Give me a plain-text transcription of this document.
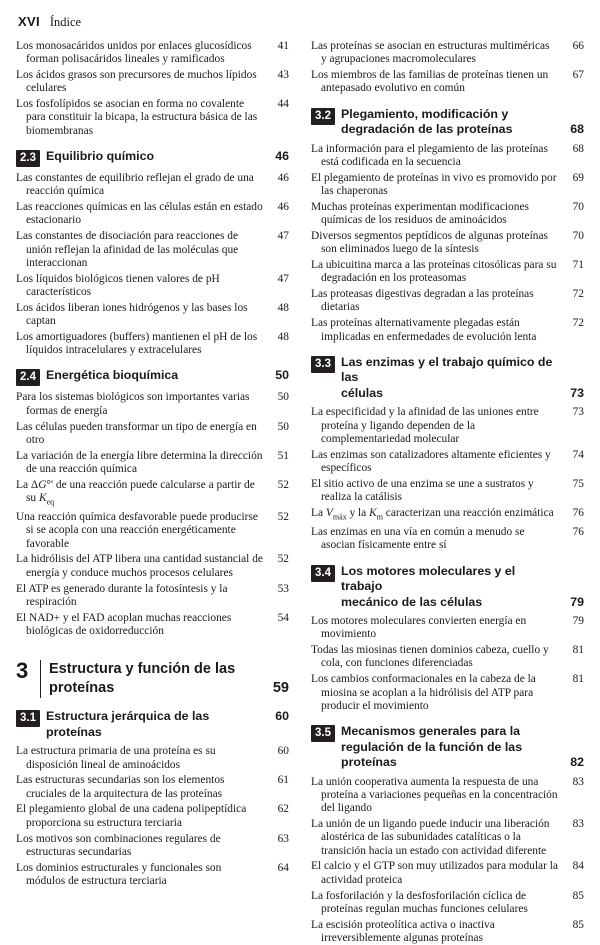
XVI Índice
Los monosacáridos unidos por enlaces glucosídicos forman polisacáridos lineales y ramificados
41
Los ácidos grasos son precursores de muchos lípidos celulares
43
Los fosfolípidos se asocian en forma no covalente para constituir la bicapa, la estructura básica de las biomembranas
44
2.3 Equilibrio químico	46
Las constantes de equilibrio reflejan el grado de una reacción química
46
Las reacciones químicas en las células están en estado estacionario
46
Las constantes de disociación para reacciones de unión reflejan la afinidad de las moléculas que interaccionan
47
Los líquidos biológicos tienen valores de pH característicos
47
Los ácidos liberan iones hidrógenos y las bases los captan
48
Los amortiguadores (buffers) mantienen el pH de los líquidos intracelulares y extracelulares
48
2.4 Energética bioquímica	50
Para los sistemas biológicos son importantes varias formas de energía
50
Las células pueden transformar un tipo de energía en otro
50
La variación de la energía libre determina la dirección de una reacción química
51
La ΔG°' de una reacción puede calcularse a partir de su $K_{eq}$
52
Una reacción química desfavorable puede producirse si se acopla con una reacción energéticamente favorable
52
La hidrólisis del ATP libera una cantidad sustancial de energía y conduce muchos procesos celulares
52
El ATP es generado durante la fotosíntesis y la respiración
53
El NAD+ y el FAD acoplan muchas reacciones biológicas de oxidorreducción
54
3 Estructura y función de las
proteínas	59
3.1 Estructura jerárquica de las proteínas
60
La estructura primaria de una proteína es su disposición lineal de aminoácidos
60
Las estructuras secundarias son los elementos cruciales de la arquitectura de las proteínas
61
El plegamiento global de una cadena polipeptídica proporciona su estructura terciaria
62
Los motivos son combinaciones regulares de estructuras secundarias
63
Los dominios estructurales y funcionales son módulos de estructura terciaria
64
Las proteínas se asocian en estructuras multiméricas y agrupaciones macromoleculares
66
Los miembros de las familias de proteínas tienen un antepasado evolutivo en común
67
3.2 Plegamiento, modificación y
degradación de las proteínas	68
La información para el plegamiento de las proteínas está codificada en la secuencia
68
El plegamiento de proteínas in vivo es promovido por las chaperonas
69
Muchas proteínas experimentan modificaciones químicas de los residuos de aminoácidos
70
Diversos segmentos peptídicos de algunas proteínas son eliminados luego de la síntesis
70
La ubicuitina marca a las proteínas citosólicas para su degradación en los proteasomas
71
Las proteasas digestivas degradan a las proteínas dietarias
72
Las proteínas alternativamente plegadas están implicadas en enfermedades de evolución lenta
72
3.3 Las enzimas y el trabajo químico de las
células	73
La especificidad y la afinidad de las uniones entre proteína y ligando dependen de la complementariedad molecular
73
Las enzimas son catalizadores altamente eficientes y específicos
74
El sitio activo de una enzima se une a sustratos y realiza la catálisis
75
La $V_{máx}$ y la $K_m$ caracterizan una reacción enzimática	76
Las enzimas en una vía en común a menudo se asocian físicamente entre sí
76
3.4 Los motores moleculares y el trabajo
mecánico de las células	79
Los motores moleculares convierten energía en movimiento
79
Todas las miosinas tienen dominios cabeza, cuello y cola, con funciones diferenciadas
81
Los cambios conformacionales en la cabeza de la miosina se acoplan a la hidrólisis del ATP para producir el movimiento
81
3.5 Mecanismos generales para la
regulación de la función de las proteínas	82
La unión cooperativa aumenta la respuesta de una proteína a variaciones pequeñas en la concentración del ligando
83
La unión de un ligando puede inducir una liberación alostérica de las subunidades catalíticas o la transición hacia un estado con actividad diferente
83
El calcio y el GTP son muy utilizados para modular la actividad proteica
84
La fosforilación y la desfosforilación cíclica de proteínas regulan muchas funciones celulares
85
La escisión proteolítica activa o inactiva irreversiblemente algunas proteínas
85
